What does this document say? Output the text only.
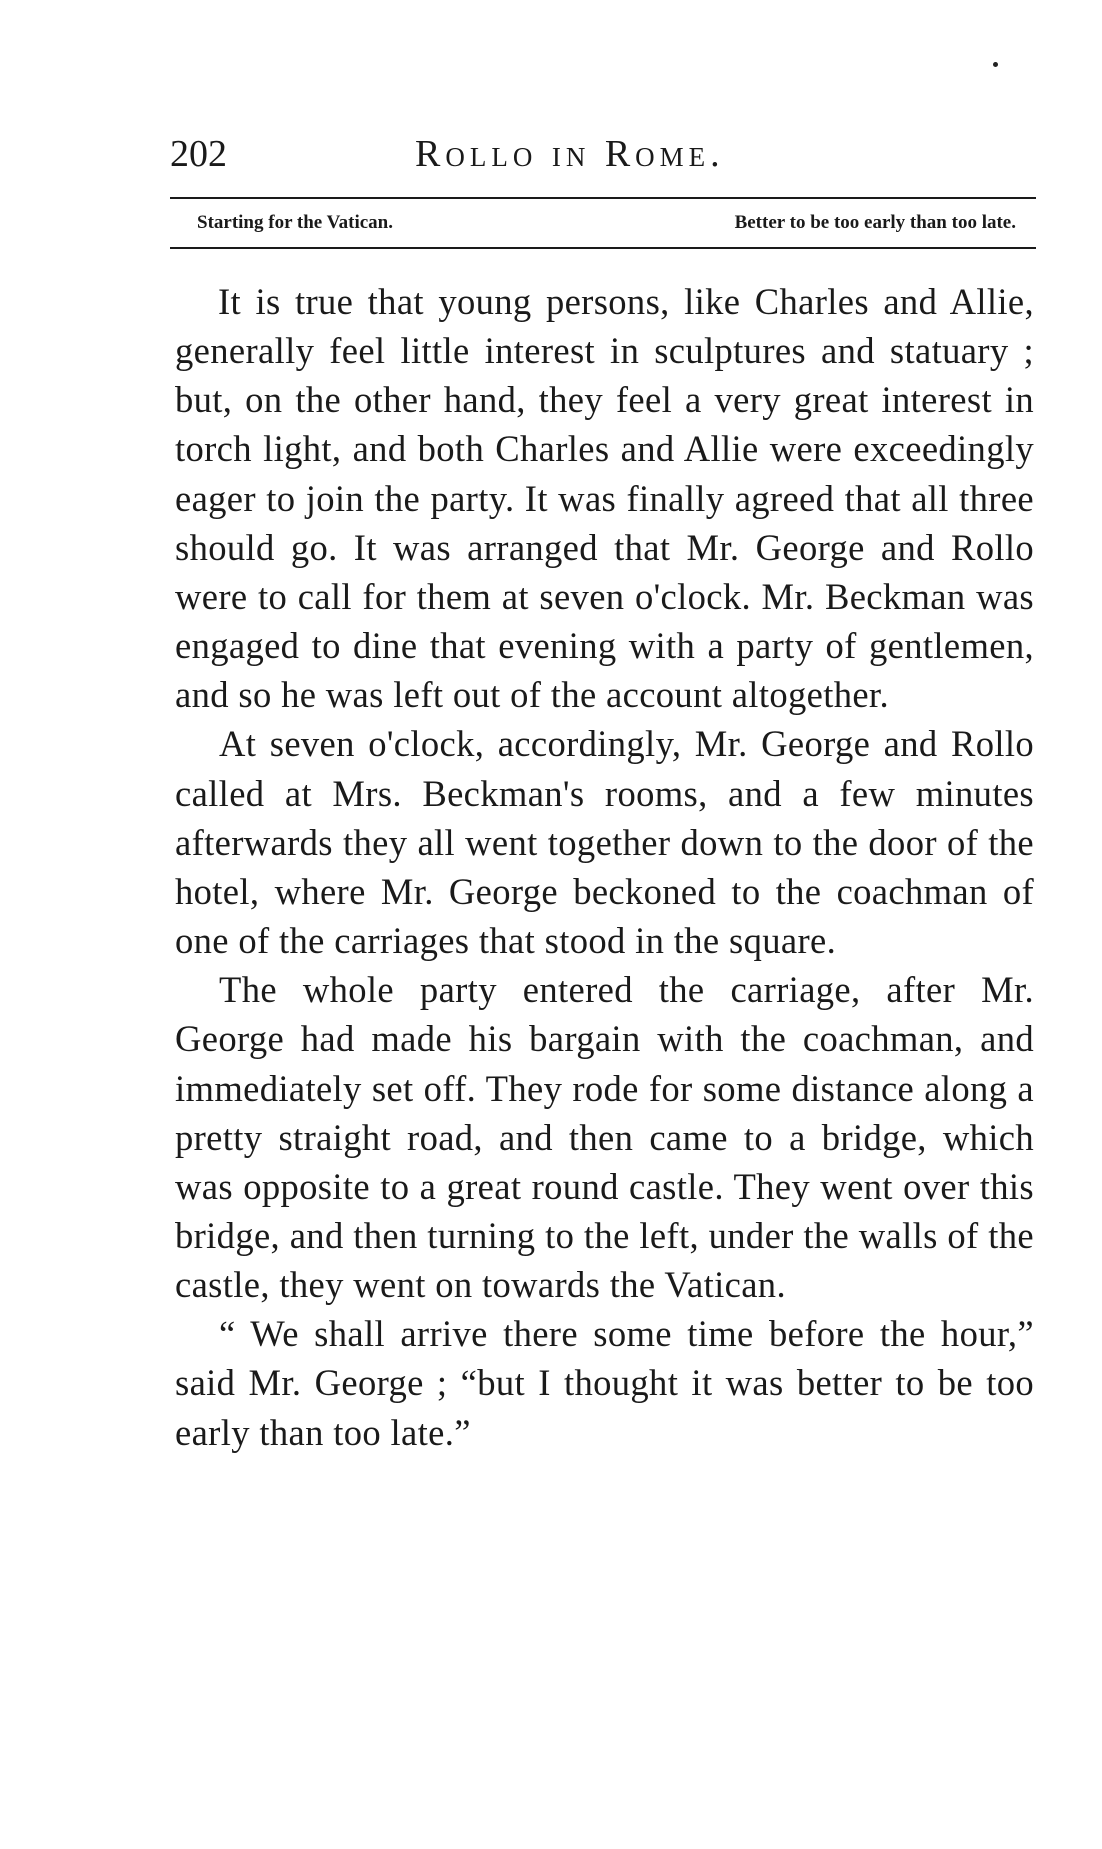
202	Rollo in Rome.
Starting for the Vatican.	Better to be too early than too late.

It is true that young persons, like Charles and Allie, generally feel little interest in sculptures and statuary ; but, on the other hand, they feel a very great interest in torch light, and both Charles and Allie were exceedingly eager to join the party. It was finally agreed that all three should go. It was arranged that Mr. George and Rollo were to call for them at seven o'clock. Mr. Beckman was engaged to dine that evening with a party of gentlemen, and so he was left out of the account altogether.

At seven o'clock, accordingly, Mr. George and Rollo called at Mrs. Beckman's rooms, and a few minutes afterwards they all went together down to the door of the hotel, where Mr. George beckoned to the coachman of one of the carriages that stood in the square.

The whole party entered the carriage, after Mr. George had made his bargain with the coachman, and immediately set off. They rode for some distance along a pretty straight road, and then came to a bridge, which was opposite to a great round castle. They went over this bridge, and then turning to the left, under the walls of the castle, they went on towards the Vatican.

“ We shall arrive there some time before the hour,” said Mr. George ; “but I thought it was better to be too early than too late.”
